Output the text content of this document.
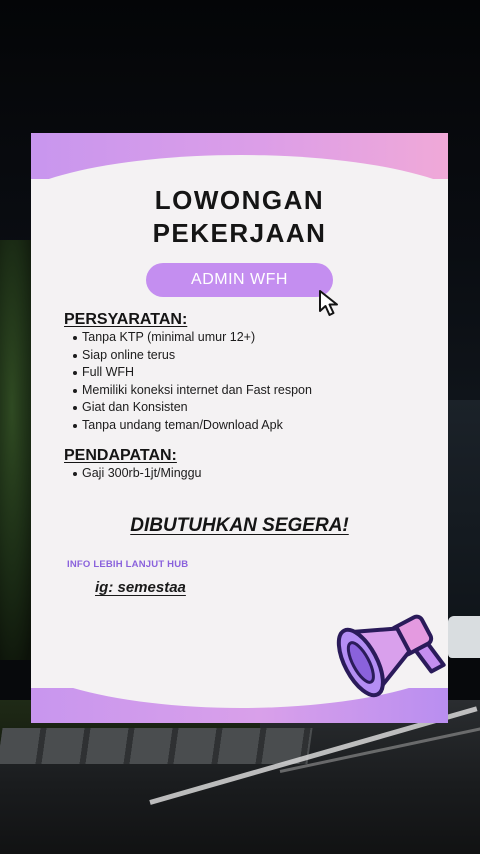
LOWONGAN
PEKERJAAN
ADMIN WFH
PERSYARATAN:
Tanpa KTP (minimal umur 12+)
Siap online terus
Full WFH
Memiliki koneksi internet dan Fast respon
Giat dan Konsisten
Tanpa undang teman/Download Apk
PENDAPATAN:
Gaji 300rb-1jt/Minggu
DIBUTUHKAN SEGERA!
INFO LEBIH LANJUT HUB
ig: semestaa
